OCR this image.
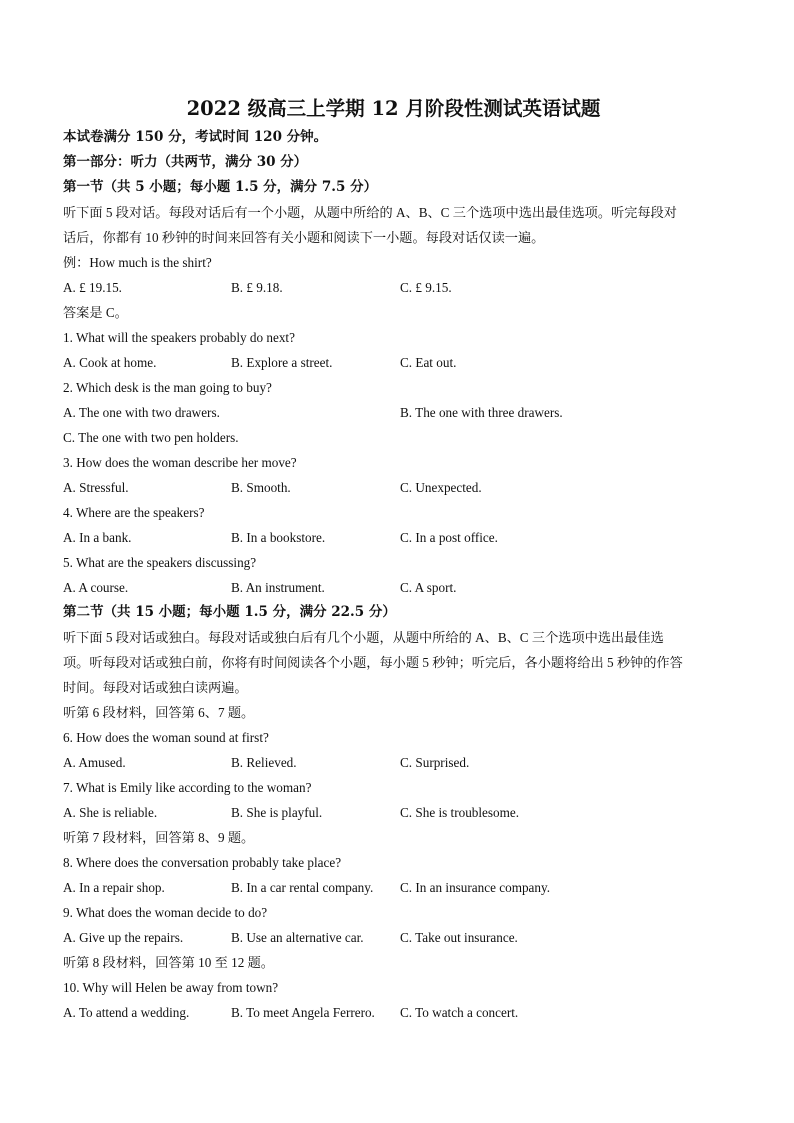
2022 级高三上学期 12 月阶段性测试英语试题
本试卷满分 150 分，考试时间 120 分钟。
第一部分：听力（共两节，满分 30 分）
第一节（共 5 小题；每小题 1.5 分，满分 7.5 分）
听下面 5 段对话。每段对话后有一个小题，从题中所给的 A、B、C 三个选项中选出最佳选项。听完每段对
话后，你都有 10 秒钟的时间来回答有关小题和阅读下一小题。每段对话仅读一遍。
例：How much is the shirt?
A. £ 19.15.	B. £ 9.18.	C. £ 9.15.
答案是 C。
1. What will the speakers probably do next?
A. Cook at home.	B. Explore a street.	C. Eat out.
2. Which desk is the man going to buy?
A. The one with two drawers.	B. The one with three drawers.
C. The one with two pen holders.
3. How does the woman describe her move?
A. Stressful.	B. Smooth.	C. Unexpected.
4. Where are the speakers?
A. In a bank.	B. In a bookstore.	C. In a post office.
5. What are the speakers discussing?
A. A course.	B. An instrument.	C. A sport.
第二节（共 15 小题；每小题 1.5 分，满分 22.5 分）
听下面 5 段对话或独白。每段对话或独白后有几个小题，从题中所给的 A、B、C 三个选项中选出最佳选
项。听每段对话或独白前，你将有时间阅读各个小题，每小题 5 秒钟；听完后，各小题将给出 5 秒钟的作答
时间。每段对话或独白读两遍。
听第 6 段材料，回答第 6、7 题。
6. How does the woman sound at first?
A. Amused.	B. Relieved.	C. Surprised.
7. What is Emily like according to the woman?
A. She is reliable.	B. She is playful.	C. She is troublesome.
听第 7 段材料，回答第 8、9 题。
8. Where does the conversation probably take place?
A. In a repair shop.	B. In a car rental company. C. In an insurance company.
9. What does the woman decide to do?
A. Give up the repairs.	B. Use an alternative car.	C. Take out insurance.
听第 8 段材料，回答第 10 至 12 题。
10. Why will Helen be away from town?
A. To attend a wedding.	B. To meet Angela Ferrero. C. To watch a concert.
